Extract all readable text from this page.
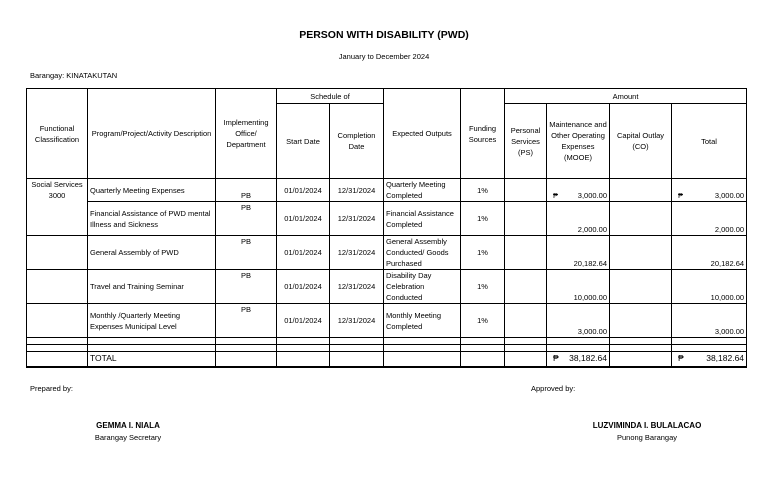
PERSON WITH DISABILITY (PWD)
January to December 2024
Barangay: KINATAKUTAN
Functional Classification	Program/Project/Activity Description	Implementing Office/ Department	Schedule of		Expected Outputs	Funding Sources	Amount			
			Start Date	Completion Date			Personal Services (PS)	Maintenance and Other Operating Expenses (MOOE)	Capital Outlay (CO)	Total
Social Services 3000	Quarterly Meeting Expenses	PB	01/01/2024	12/31/2024	Quarterly Meeting Completed	1%		₱ 3,000.00		₱ 3,000.00
	Financial Assistance of PWD mental Illness and Sickness	PB	01/01/2024	12/31/2024	Financial Assistance Completed	1%		2,000.00		2,000.00
	General Assembly of PWD	PB	01/01/2024	12/31/2024	General Assembly Conducted/ Goods Purchased	1%		20,182.64		20,182.64
	Travel and Training Seminar	PB	01/01/2024	12/31/2024	Disability Day Celebration Conducted	1%		10,000.00		10,000.00
	Monthly /Quarterly Meeting Expenses Municipal Level	PB	01/01/2024	12/31/2024	Monthly Meeting Completed	1%		3,000.00		3,000.00

	TOTAL							₱ 38,182.64		₱ 38,182.64
Prepared by:	Approved by:
GEMMA I. NIALA
Barangay Secretary
LUZVIMINDA I. BULALACAO
Punong Barangay
